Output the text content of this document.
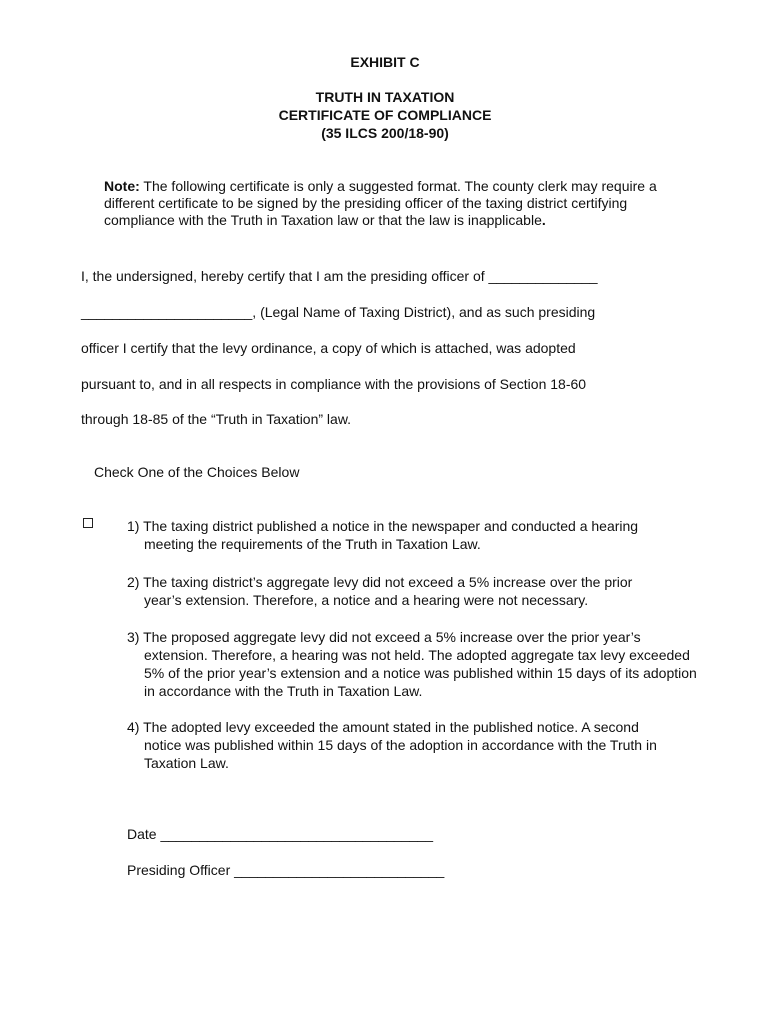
EXHIBIT C
TRUTH IN TAXATION
CERTIFICATE OF COMPLIANCE
(35 ILCS 200/18-90)
Note: The following certificate is only a suggested format. The county clerk may require a different certificate to be signed by the presiding officer of the taxing district certifying compliance with the Truth in Taxation law or that the law is inapplicable.
I, the undersigned, hereby certify that I am the presiding officer of ______________
______________________, (Legal Name of Taxing District), and as such presiding
officer I certify that the levy ordinance, a copy of which is attached, was adopted
pursuant to, and in all respects in compliance with the provisions of Section 18-60
through 18-85 of the “Truth in Taxation” law.
Check One of the Choices Below
1) The taxing district published a notice in the newspaper and conducted a hearing
meeting the requirements of the Truth in Taxation Law.
2) The taxing district’s aggregate levy did not exceed a 5% increase over the prior
year’s extension. Therefore, a notice and a hearing were not necessary.
3) The proposed aggregate levy did not exceed a 5% increase over the prior year’s
extension. Therefore, a hearing was not held. The adopted aggregate tax levy exceeded 5% of the prior year’s extension and a notice was published within 15 days of its adoption in accordance with the Truth in Taxation Law.
4) The adopted levy exceeded the amount stated in the published notice. A second
notice was published within 15 days of the adoption in accordance with the Truth in Taxation Law.
Date ___________________________________
Presiding Officer ___________________________
